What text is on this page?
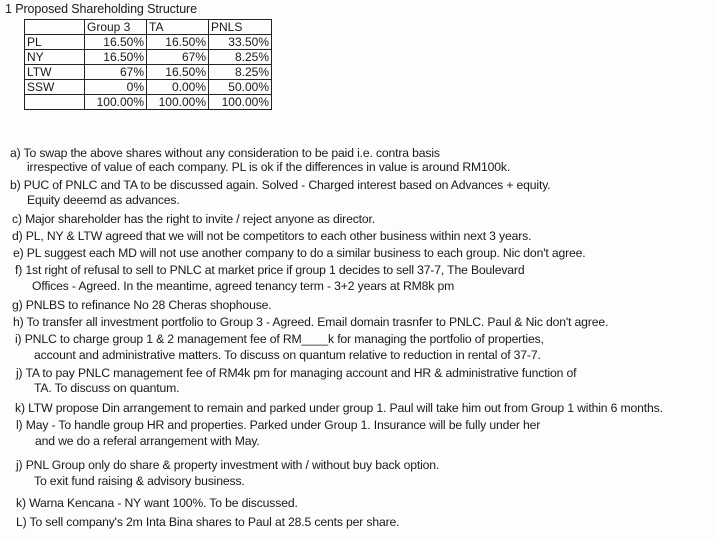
1 Proposed Shareholding Structure
	Group 3	TA	PNLS
PL	16.50%	16.50%	33.50%
NY	16.50%	67%	8.25%
LTW	67%	16.50%	8.25%
SSW	0%	0.00%	50.00%
	100.00%	100.00%	100.00%
a) To swap the above shares without any consideration to be paid i.e. contra basis
irrespective of value of each company. PL is ok if the differences in value is around RM100k.
b) PUC of PNLC and TA to be discussed again. Solved - Charged interest based on Advances + equity.
Equity deeemd as advances.
c) Major shareholder has the right to invite / reject anyone as director.
d) PL, NY & LTW agreed that we will not be competitors to each other business within next 3 years.
e) PL suggest each MD will not use another company to do a similar business to each group. Nic don't agree.
f) 1st right of refusal to sell to PNLC at market price if group 1 decides to sell 37-7, The Boulevard
Offices - Agreed. In the meantime, agreed tenancy term - 3+2 years at RM8k pm
g) PNLBS to refinance No 28 Cheras shophouse.
h) To transfer all investment portfolio to Group 3 - Agreed. Email domain trasnfer to PNLC. Paul & Nic don't agree.
i) PNLC to charge group 1 & 2 management fee of RM____k for managing the portfolio of properties,
account and administrative matters. To discuss on quantum relative to reduction in rental of 37-7.
j) TA to pay PNLC management fee of RM4k pm for managing account and HR & administrative function of
TA. To discuss on quantum.
k) LTW propose Din arrangement to remain and parked under group 1. Paul will take him out from Group 1 within 6 months.
l) May - To handle group HR and properties. Parked under Group 1. Insurance will be fully under her
and we do a referal arrangement with May.
j) PNL Group only do share & property investment with / without buy back option.
To exit fund raising & advisory business.
k) Warna Kencana - NY want 100%. To be discussed.
L) To sell company's 2m Inta Bina shares to Paul at 28.5 cents per share.
